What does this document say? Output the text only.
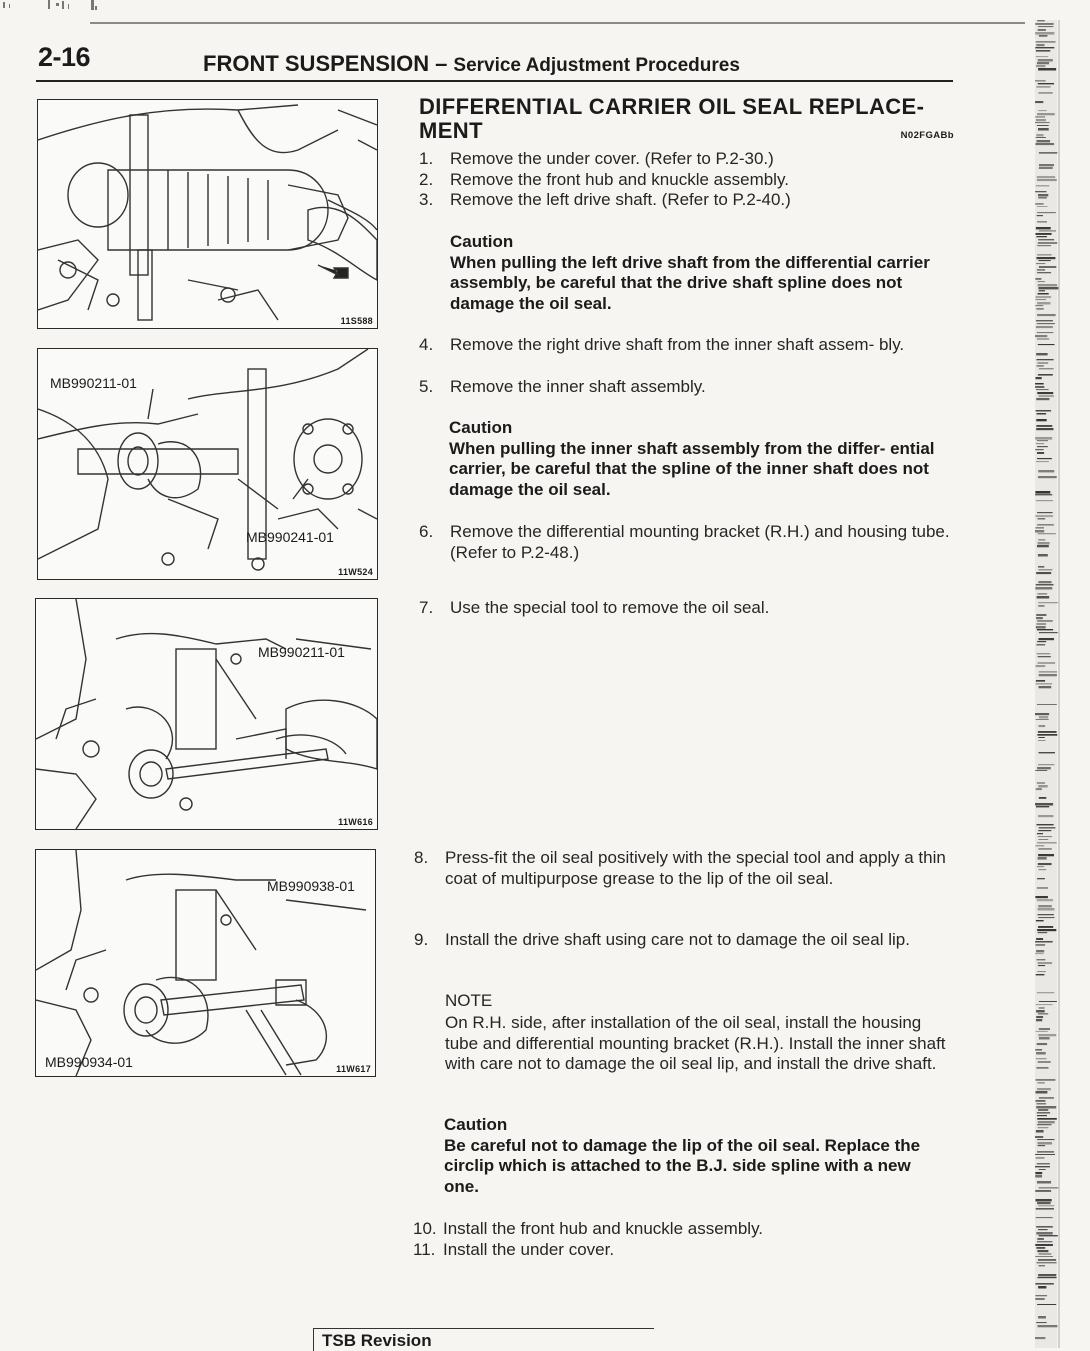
2-16	FRONT SUSPENSION – Service Adjustment Procedures
11S588
MB990211-01
MB990241-01
11W524
MB990211-01
11W616
MB990938-01
MB990934-01	11W617
DIFFERENTIAL CARRIER OIL SEAL REPLACE-
MENT	N02FGABb
1. Remove the under cover. (Refer to P.2-30.)
2. Remove the front hub and knuckle assembly.
3. Remove the left drive shaft. (Refer to P.2-40.)
Caution
When pulling the left drive shaft from the differential carrier assembly, be careful that the drive shaft spline does not damage the oil seal.
4. Remove the right drive shaft from the inner shaft assem- bly.
5. Remove the inner shaft assembly.
Caution
When pulling the inner shaft assembly from the differ- ential carrier, be careful that the spline of the inner shaft does not damage the oil seal.
6. Remove the differential mounting bracket (R.H.) and housing tube. (Refer to P.2-48.)
7. Use the special tool to remove the oil seal.
8. Press-fit the oil seal positively with the special tool and apply a thin coat of multipurpose grease to the lip of the oil seal.
9. Install the drive shaft using care not to damage the oil seal lip.
NOTE
On R.H. side, after installation of the oil seal, install the housing tube and differential mounting bracket (R.H.). Install the inner shaft with care not to damage the oil seal lip, and install the drive shaft.
Caution
Be careful not to damage the lip of the oil seal. Replace the circlip which is attached to the B.J. side spline with a new one.
10. Install the front hub and knuckle assembly.
11. Install the under cover.
TSB Revision
